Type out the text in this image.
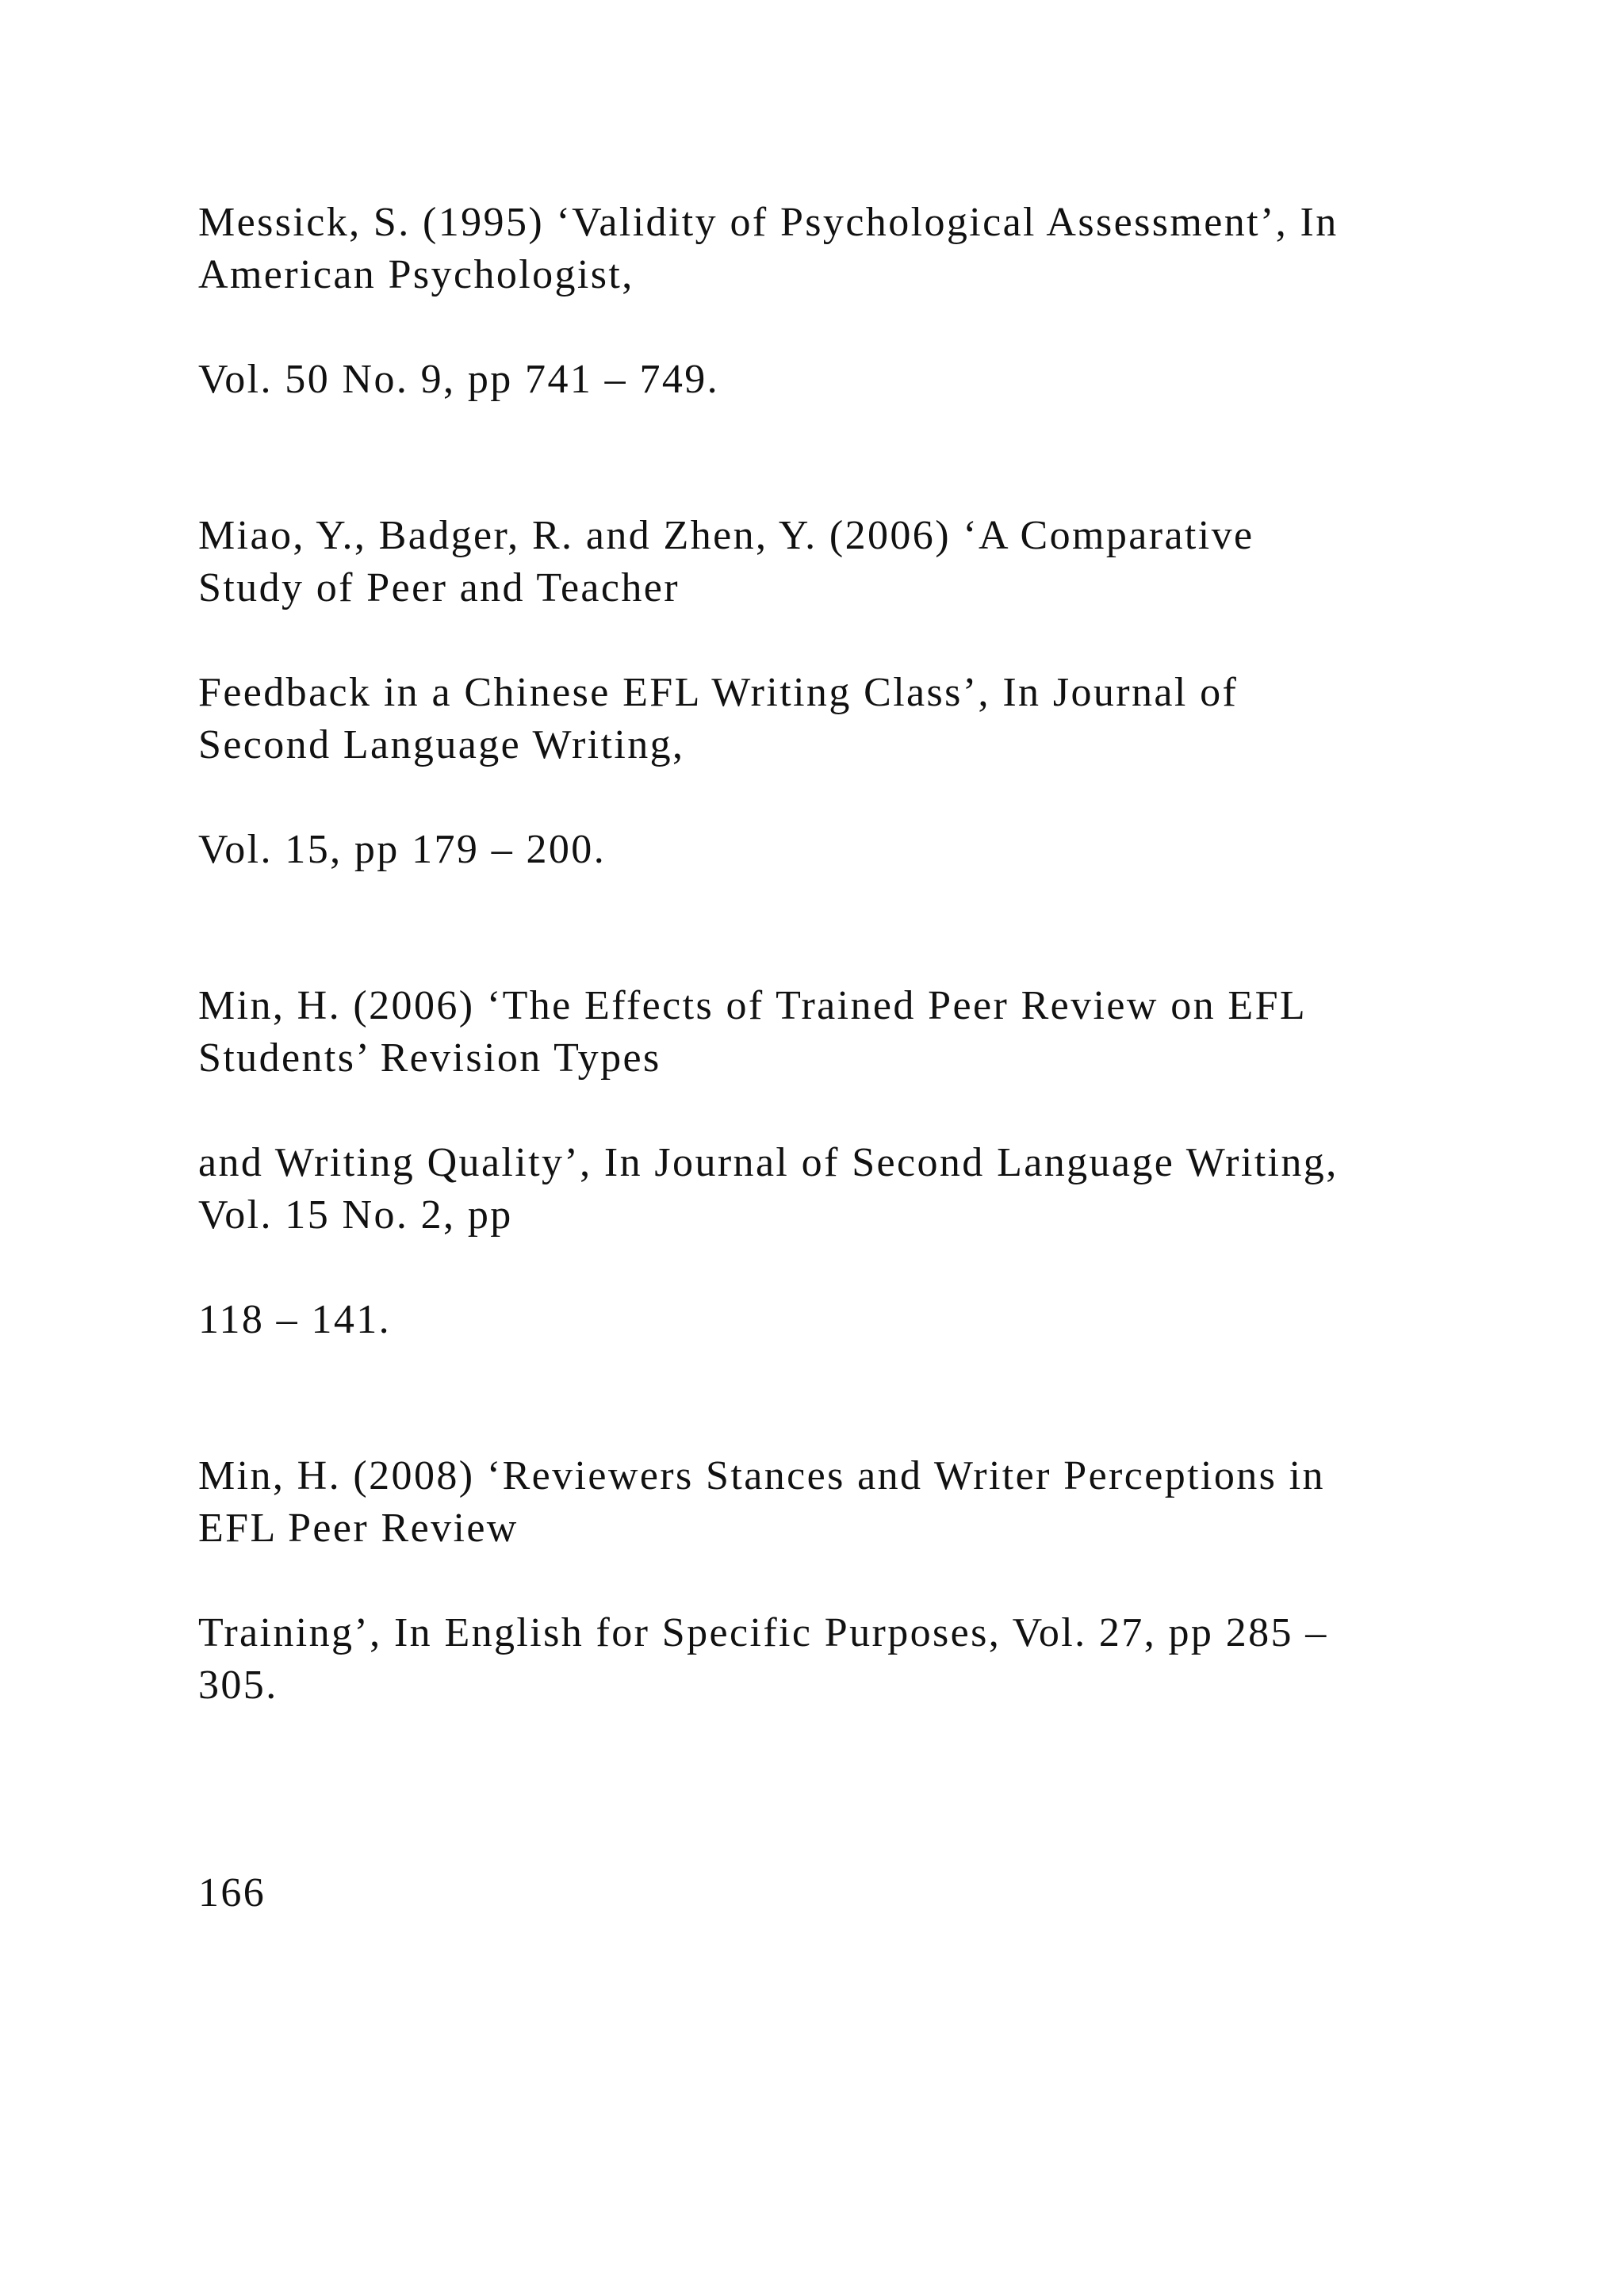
Messick, S. (1995) ‘Validity of Psychological Assessment’, In

American Psychologist,

Vol. 50 No. 9, pp 741 – 749.

Miao, Y., Badger, R. and Zhen, Y. (2006) ‘A Comparative

Study of Peer and Teacher

Feedback in a Chinese EFL Writing Class’, In Journal of

Second Language Writing,

Vol. 15, pp 179 – 200.

Min, H. (2006) ‘The Effects of Trained Peer Review on EFL

Students’ Revision Types

and Writing Quality’, In Journal of Second Language Writing,

Vol. 15 No. 2, pp

118 – 141.

Min, H. (2008) ‘Reviewers Stances and Writer Perceptions in

EFL Peer Review

Training’, In English for Specific Purposes, Vol. 27, pp 285 –

305.

166
